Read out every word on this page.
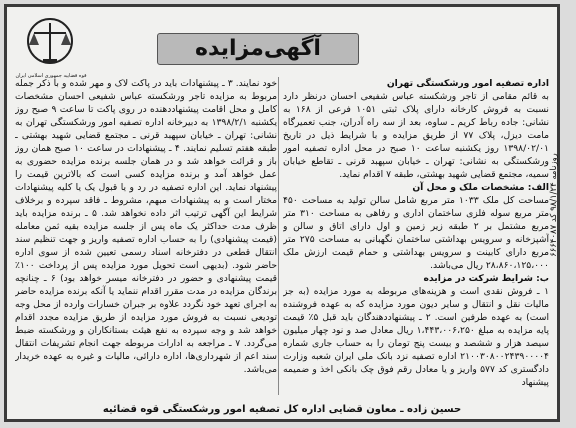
آگهی‌مزایده
قوه قضاییه جمهوری اسلامی ایران

اداره تصفیه امور ورشکستگی تهران

به قائم مقامی از تاجر ورشکسته عباس شفیعی احسان درنظر دارد نسبت به فروش کارخانه دارای پلاک ثبتی ۱۰۵۱ فرعی از ۱۶۸ به نشانی: جاده رباط کریم ـ ساوه، بعد از سه راه آدران، جنب تعمیرگاه مامت دیزل، پلاک ۷۷ از طریق مزایده و با شرایط ذیل در تاریخ ۱۳۹۸/۰۲/۰۱ روز یکشنبه ساعت ۱۰ صبح در محل اداره تصفیه امور ورشکستگی به نشانی: تهران ـ خیابان سپهبد قرنی ـ تقاطع خیابان سمیه، مجتمع قضایی شهید بهشتی، طبقه ۷ اقدام نماید.

الف: مشخصات ملک و محل آن

مساحت کل ملک ۱۰۳۳ متر مربع شامل سالن تولید به مساحت ۴۵۰ متر مربع سوله فلزی ساختمان اداری و رفاهی به مساحت ۳۱۰ متر مربع مشتمل بر ۲ طبقه زیر زمین و اول دارای اتاق و سالن و آشپزخانه و سرویس بهداشتی ساختمان نگهبانی به مساحت ۲۷۵ متر مربع دارای کابینت و سرویس بهداشتی و حمام قیمت ارزش ملک ۲۸،۸۶۰،۱۲۵،۰۰۰ ریال می‌باشد.

ب: شرایط شرکت در مزایده

۱ ـ فروش نقدی است و هزینه‌های مربوطه به مورد مزایده (به جز مالیات نقل و انتقال و سایر دیون مورد مزایده که به عهده فروشنده است) به عهده طرفین است. ۲ ـ پیشنهاددهندگان باید قبل ۵٪ قیمت پایه مزایده به مبلغ ۱،۴۴۳،۰۰۶،۲۵۰ ریال معادل صد و نود چهار میلیون سیصد هزار و ششصد و بیست پنج تومان را به حساب جاری شماره ۲۱۰۰۳۰۸۰۰۲۴۳۹۰۰۰۰۴ اداره تصفیه نزد بانک ملی ایران شعبه وزارت دادگستری کد ۵۷۷ واریز و یا معادل رقم فوق چک بانکی اخذ و ضمیمه پیشنهاد

خود نمایند. ۳ ـ پیشنهادات باید در پاکت لاک و مهر شده و با ذکر جمله مربوط به مزایده تاجر ورشکسته عباس شفیعی احسان مشخصات کامل و محل اقامت پیشنهاددهنده در روی پاکت تا ساعت ۹ صبح روز یکشنبه ۱۳۹۸/۲/۱ به دبیرخانه اداره تصفیه امور ورشکستگی تهران به نشانی: تهران ـ خیابان سپهبد قرنی ـ مجتمع قضایی شهید بهشتی ـ طبقه هفتم تسلیم نمایند. ۴ ـ پیشنهادات در ساعت ۱۰ صبح همان روز باز و قرائت خواهد شد و در همان جلسه برنده مزایده حضوری به عمل خواهد آمد و برنده مزایده کسی است که بالاترین قیمت را پیشنهاد نماید. این اداره تصفیه در رد و یا قبول یک یا کلیه پیشنهادات مختار است و به پیشنهادات مبهم، مشروط ـ فاقد سپرده و برخلاف شرایط این آگهی ترتیب اثر داده نخواهد شد. ۵ ـ برنده مزایده باید ظرف مدت حداکثر یک ماه پس از جلسه مزایده بقیه ثمن معامله (قیمت پیشنهادی) را به حساب اداره تصفیه واریز و جهت تنظیم سند انتقال قطعی در دفترخانه اسناد رسمی تعیین شده از سوی اداره حاضر شود. (بدیهی است تحویل مورد مزایده پس از پرداخت ۱۰۰٪ قیمت پیشنهادی و حضور در دفترخانه میسر خواهد بود) ۶ ـ چنانچه برندگان مزایده در مدت مقرر اقدام ننماید یا آنکه برنده مزایده حاضر به اجرای تعهد خود نگردد علاوه بر جبران خسارات وارده از محل وجه تودیعی نسبت به فروش مورد مزایده از طریق مزایده مجدد اقدام خواهد شد و وجه سپرده به نفع هیئت بستانکاران و ورشکسته ضبط می‌گردد. ۷ ـ مراجعه به ادارات مربوطه جهت انجام تشریفات انتقال سند اعم از شهرداری‌ها، اداره دارائی، مالیات و غیره به عهده خریدار می‌باشد.

حسین زاده ـ معاون قضایی اداره کل تصفیه امور ورشکستگی قوه قضائیه
روزنامه ۹۸/۱/۲۴ کد ۶۶۶۴۰۸۷
